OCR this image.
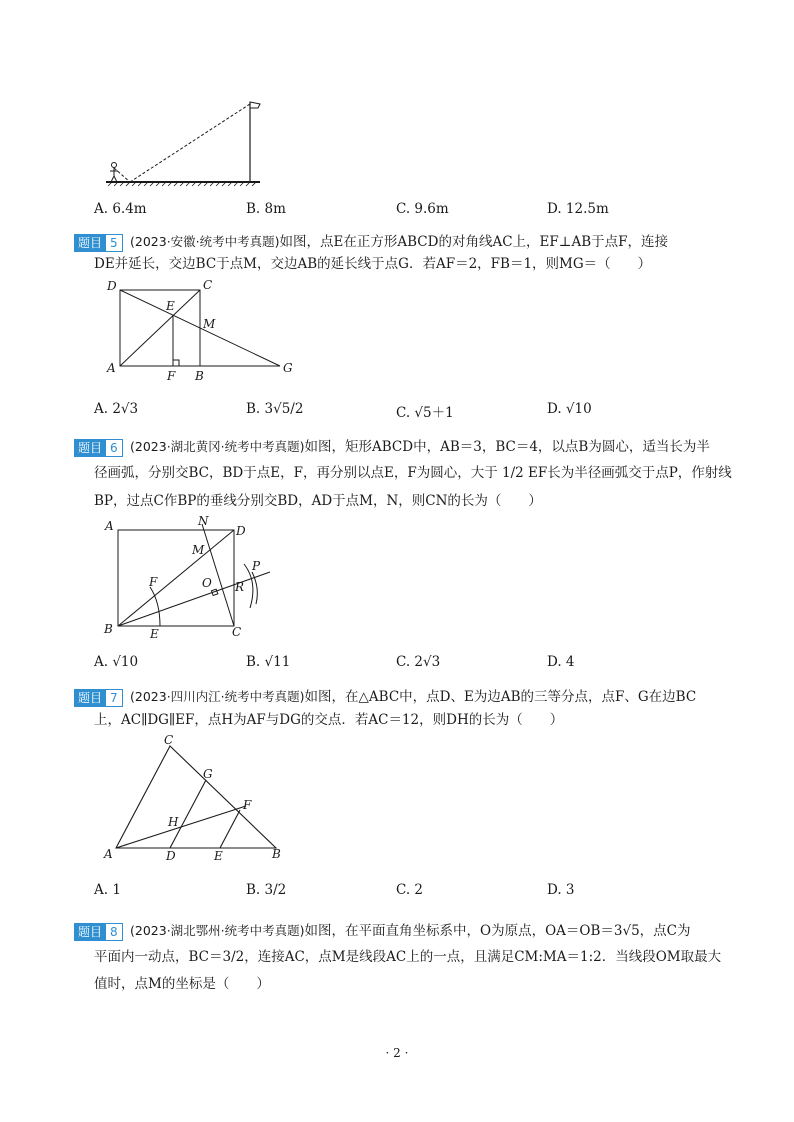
A. 6.4m	B. 8m	C. 9.6m	D. 12.5m
题目 5 (2023·安徽·统考中考真题)如图，点E在正方形ABCD的对角线AC上，EF⊥AB于点F，连接
DE并延长，交边BC于点M，交边AB的延长线于点G．若AF＝2，FB＝1，则MG＝（　　）
D	C
E
M
A
F B
G
A. 2√3	B. 3√5/2	C. √5＋1	D. √10
题目 6 (2023·湖北黄冈·统考中考真题)如图，矩形ABCD中，AB＝3，BC＝4，以点B为圆心，适当长为半
径画弧，分别交BC，BD于点E，F，再分别以点E，F为圆心，大于 1/2 EF长为半径画弧交于点P，作射线
BP，过点C作BP的垂线分别交BD，AD于点M，N，则CN的长为（　　）
A	N
D
M
F	O
P
R
B	E	C
A. √10	B. √11	C. 2√3	D. 4
题目 7 (2023·四川内江·统考中考真题)如图，在△ABC中，点D、E为边AB的三等分点，点F、G在边BC
上，AC∥DG∥EF，点H为AF与DG的交点．若AC＝12，则DH的长为（　　）
C
G
F
H
A	D	E	B
A. 1	B. 3/2	C. 2	D. 3
题目 8 (2023·湖北鄂州·统考中考真题)如图，在平面直角坐标系中，O为原点，OA＝OB＝3√5，点C为
平面内一动点，BC＝3/2，连接AC，点M是线段AC上的一点，且满足CM:MA＝1:2．当线段OM取最大
值时，点M的坐标是（　　）
· 2 ·
